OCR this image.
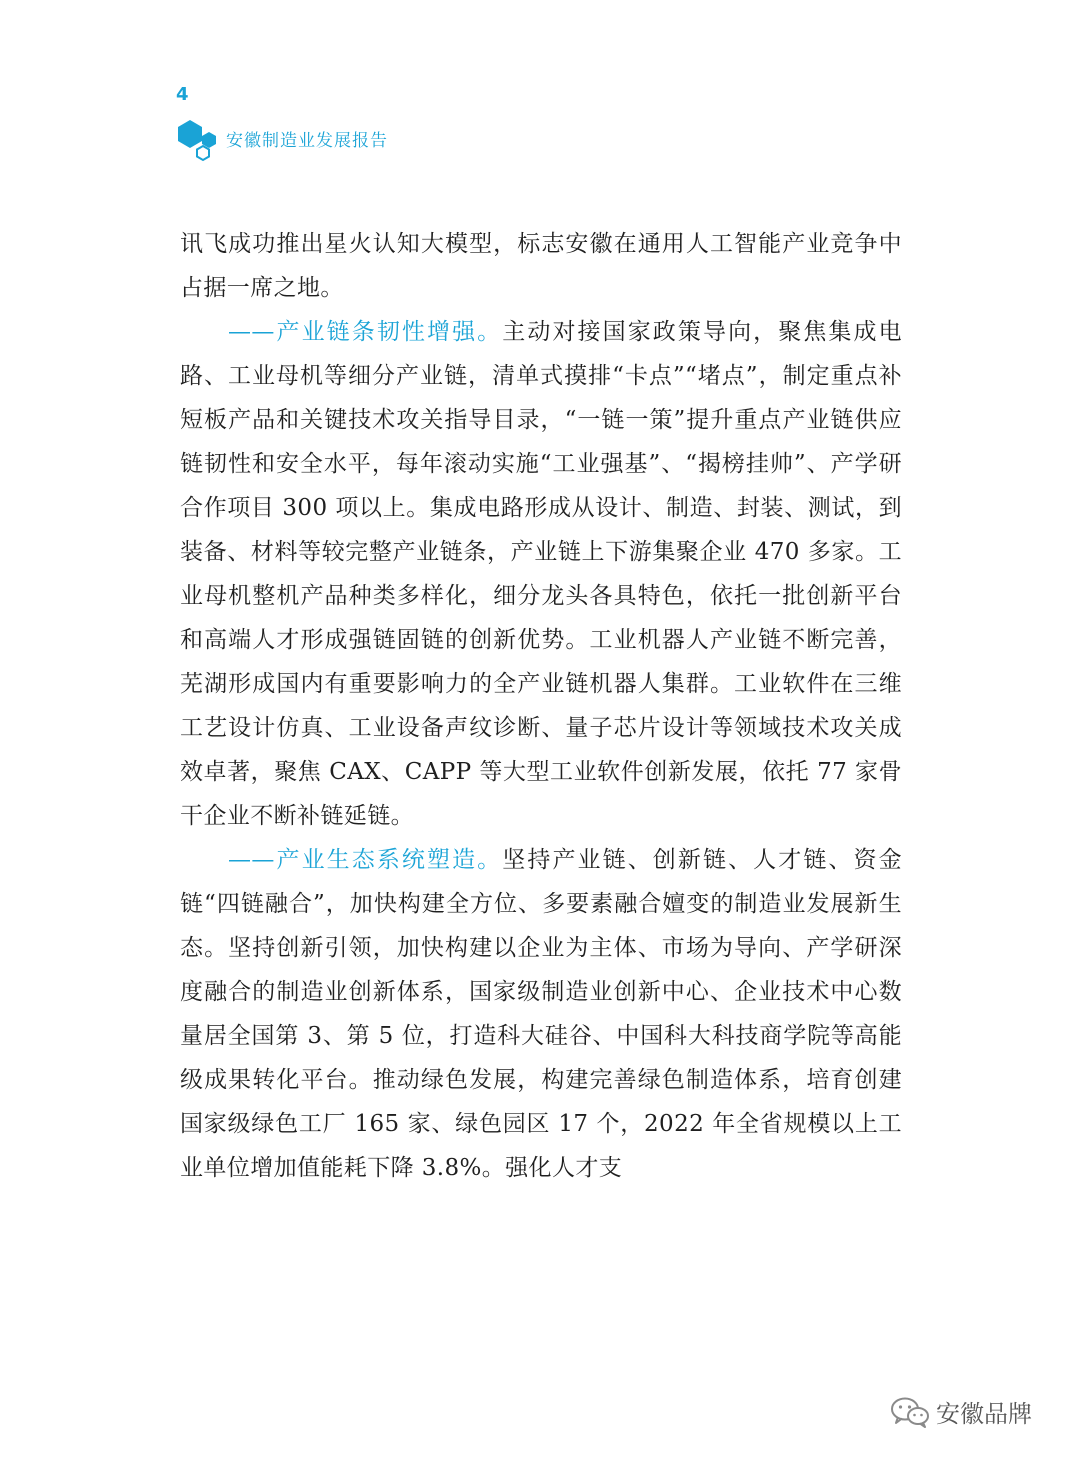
4
安徽制造业发展报告

讯飞成功推出星火认知大模型，标志安徽在通用人工智能产业竞争中占据一席之地。

——产业链条韧性增强。主动对接国家政策导向，聚焦集成电路、工业母机等细分产业链，清单式摸排“卡点”“堵点”，制定重点补短板产品和关键技术攻关指导目录，“一链一策”提升重点产业链供应链韧性和安全水平，每年滚动实施“工业强基”、“揭榜挂帅”、产学研合作项目 300 项以上。集成电路形成从设计、制造、封装、测试，到装备、材料等较完整产业链条，产业链上下游集聚企业 470 多家。工业母机整机产品种类多样化，细分龙头各具特色，依托一批创新平台和高端人才形成强链固链的创新优势。工业机器人产业链不断完善，芜湖形成国内有重要影响力的全产业链机器人集群。工业软件在三维工艺设计仿真、工业设备声纹诊断、量子芯片设计等领域技术攻关成效卓著，聚焦 CAX、CAPP 等大型工业软件创新发展，依托 77 家骨干企业不断补链延链。

——产业生态系统塑造。坚持产业链、创新链、人才链、资金链“四链融合”，加快构建全方位、多要素融合嬗变的制造业发展新生态。坚持创新引领，加快构建以企业为主体、市场为导向、产学研深度融合的制造业创新体系，国家级制造业创新中心、企业技术中心数量居全国第 3、第 5 位，打造科大硅谷、中国科大科技商学院等高能级成果转化平台。推动绿色发展，构建完善绿色制造体系，培育创建国家级绿色工厂 165 家、绿色园区 17 个，2022 年全省规模以上工业单位增加值能耗下降 3.8%。强化人才支

安徽品牌
